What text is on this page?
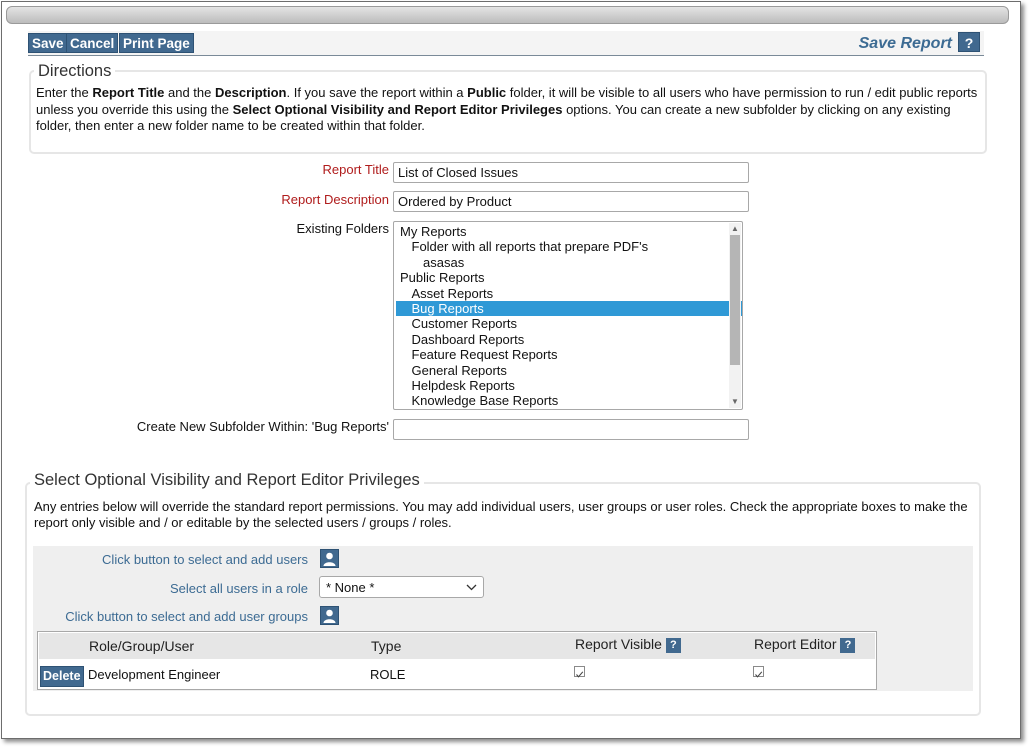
Save Cancel Print Page	Save Report ?
Directions
Enter the Report Title and the Description. If you save the report within a Public folder, it will be visible to all users who have permission to run / edit public reports unless you override this using the Select Optional Visibility and Report Editor Privileges options. You can create a new subfolder by clicking on any existing folder, then enter a new folder name to be created within that folder.
Report Title List of Closed Issues
Report Description Ordered by Product
Existing Folders
Knowledge Base Reports
Helpdesk Reports
General Reports
Feature Request Reports
Dashboard Reports
Customer Reports
Bug Reports
Asset Reports
Public Reports
asasas
Folder with all reports that prepare PDF's
My Reports	▲
▼
Create New Subfolder Within: 'Bug Reports'
Select Optional Visibility and Report Editor Privileges
Any entries below will override the standard report permissions. You may add individual users, user groups or user roles. Check the appropriate boxes to make the report only visible and / or editable by the selected users / groups / roles.
Click button to select and add users
Select all users in a role	* None *
Click button to select and add user groups
Role/Group/User	Type	Report Visible ?	Report Editor ?
Delete Development Engineer	ROLE
